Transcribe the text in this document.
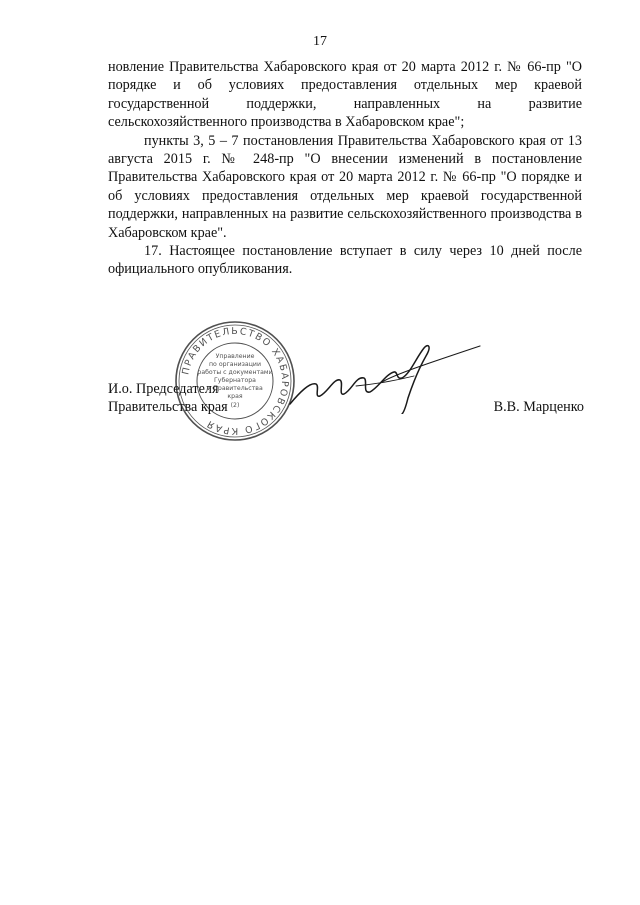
17

новление Правительства Хабаровского края от 20 марта 2012 г. № 66-пр "О порядке и об условиях предоставления отдельных мер краевой государственной поддержки, направленных на развитие сельскохозяйственного производства в Хабаровском крае";

пункты 3, 5 – 7 постановления Правительства Хабаровского края от 13 августа 2015 г. № 248-пр "О внесении изменений в постановление Правительства Хабаровского края от 20 марта 2012 г. № 66-пр "О порядке и об условиях предоставления отдельных мер краевой государственной поддержки, направленных на развитие сельскохозяйственного производства в Хабаровском крае".

17. Настоящее постановление вступает в силу через 10 дней после официального опубликования.

И.о. Председателя
Правительства края	В.В. Марценко
ПРАВИТЕЛЬСТВО ХАБАРОВСКОГО КРАЯ
Управление
по организации
работы с документами
Губернатора
и Правительства
края
(2)
